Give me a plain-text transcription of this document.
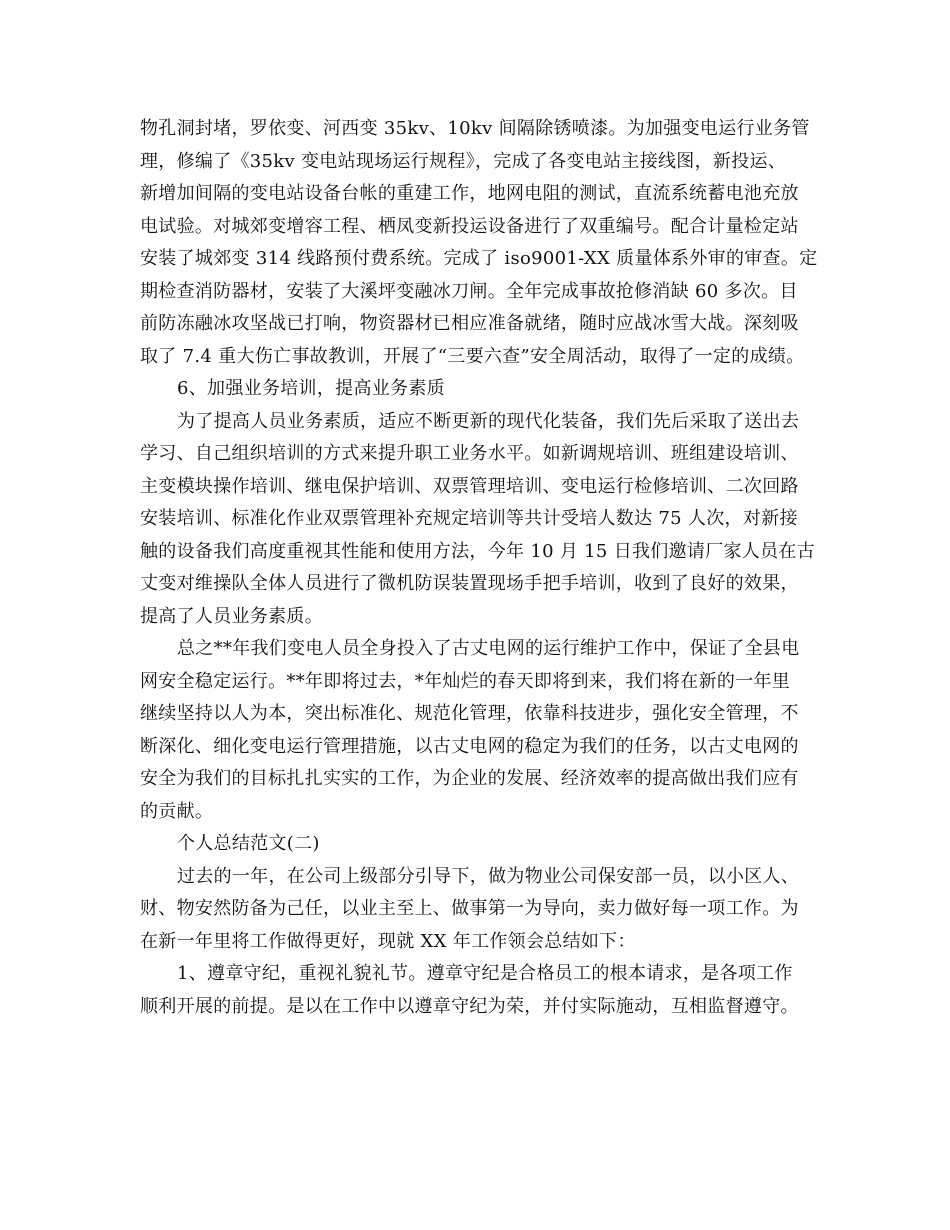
物孔洞封堵，罗依变、河西变 35kv、10kv 间隔除锈喷漆。为加强变电运行业务管
理，修编了《35kv 变电站现场运行规程》，完成了各变电站主接线图，新投运、
新增加间隔的变电站设备台帐的重建工作，地网电阻的测试，直流系统蓄电池充放
电试验。对城郊变增容工程、栖凤变新投运设备进行了双重编号。配合计量检定站
安装了城郊变 314 线路预付费系统。完成了 iso9001-XX 质量体系外审的审查。定
期检查消防器材，安装了大溪坪变融冰刀闸。全年完成事故抢修消缺 60 多次。目
前防冻融冰攻坚战已打响，物资器材已相应准备就绪，随时应战冰雪大战。深刻吸
取了 7.4 重大伤亡事故教训，开展了“三要六查”安全周活动，取得了一定的成绩。

6、加强业务培训，提高业务素质

为了提高人员业务素质，适应不断更新的现代化装备，我们先后采取了送出去
学习、自己组织培训的方式来提升职工业务水平。如新调规培训、班组建设培训、
主变模块操作培训、继电保护培训、双票管理培训、变电运行检修培训、二次回路
安装培训、标准化作业双票管理补充规定培训等共计受培人数达 75 人次，对新接
触的设备我们高度重视其性能和使用方法，今年 10 月 15 日我们邀请厂家人员在古
丈变对维操队全体人员进行了微机防误装置现场手把手培训，收到了良好的效果，
提高了人员业务素质。

总之**年我们变电人员全身投入了古丈电网的运行维护工作中，保证了全县电
网安全稳定运行。**年即将过去，*年灿烂的春天即将到来，我们将在新的一年里
继续坚持以人为本，突出标准化、规范化管理，依靠科技进步，强化安全管理，不
断深化、细化变电运行管理措施，以古丈电网的稳定为我们的任务，以古丈电网的
安全为我们的目标扎扎实实的工作，为企业的发展、经济效率的提高做出我们应有
的贡献。

个人总结范文(二)

过去的一年，在公司上级部分引导下，做为物业公司保安部一员，以小区人、
财、物安然防备为己任，以业主至上、做事第一为导向，卖力做好每一项工作。为
在新一年里将工作做得更好，现就 XX 年工作领会总结如下：

1、遵章守纪，重视礼貌礼节。遵章守纪是合格员工的根本请求，是各项工作
顺利开展的前提。是以在工作中以遵章守纪为荣，并付实际施动，互相监督遵守。
